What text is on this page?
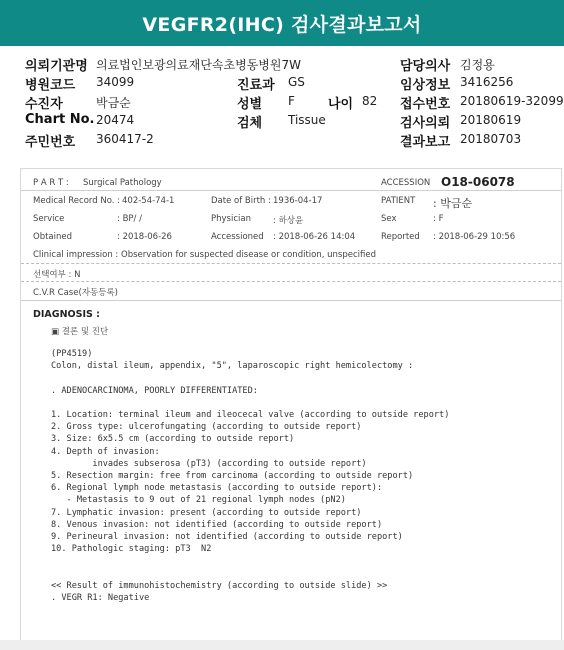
VEGFR2(IHC) 검사결과보고서
의뢰기관명 의료법인보광의료재단속초병동병원7W	담당의사 김정용
병원코드 34099	진료과 GS	임상정보 3416256
수진자	박금순	성별 F	나이 82 접수번호 20180619-32099
Chart No. 20474	검체 Tissue	검사의뢰 20180619
주민번호 360417-2	결과보고 20180703
P A R T : Surgical Pathology	ACCESSION O18-06078
Medical Record No. : 402-54-74-1	Date of Birth : 1936-04-17	PATIENT : 박금순
Service	: BP/ /	Physician	: 하상윤	Sex	: F
Obtained	: 2018-06-26	Accessioned : 2018-06-26 14:04	Reported : 2018-06-29 10:56
Clinical impression : Observation for suspected disease or condition, unspecified
선택여부 : N
C.V.R Case(자동등록)
DIAGNOSIS :
▣ 결론 및 진단
(PP4519)
Colon, distal ileum, appendix, "5", laparoscopic right hemicolectomy :
. ADENOCARCINOMA, POORLY DIFFERENTIATED:
1. Location: terminal ileum and ileocecal valve (according to outside report)
2. Gross type: ulcerofungating (according to outside report)
3. Size: 6x5.5 cm (according to outside report)
4. Depth of invasion:
invades subserosa (pT3) (according to outside report)
5. Resection margin: free from carcinoma (according to outside report)
6. Regional lymph node metastasis (according to outside report):
- Metastasis to 9 out of 21 regional lymph nodes (pN2)
7. Lymphatic invasion: present (according to outside report)
8. Venous invasion: not identified (according to outside report)
9. Perineural invasion: not identified (according to outside report)
10. Pathologic staging: pT3  N2
<< Result of immunohistochemistry (according to outside slide) >>
. VEGR R1: Negative
